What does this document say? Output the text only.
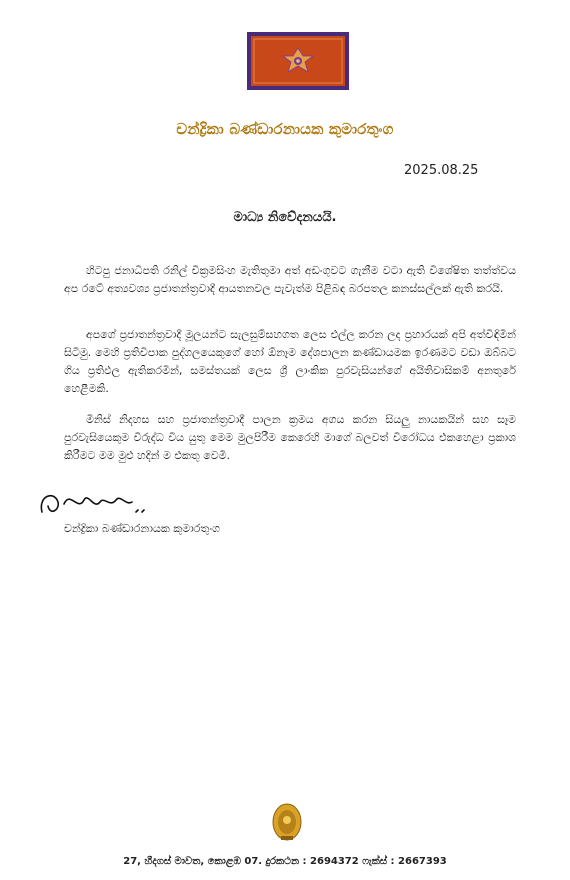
චන්ද්‍රිකා බණ්ඩාරනායක කුමාරතුංග
2025.08.25
මාධ්‍ය නිවේදනයයි.
හිටපු ජනාධිපති රනිල් වික්‍රමසිංහ මැතිතුමා අත් අඩංගුවට ගැනීම වටා ඇති විශේෂිත තත්ත්වය අප රටේ අත්‍යවශ්‍ය ප්‍රජාතන්ත්‍රවාදී ආයතනවල පැවැත්ම පිළිබඳ බරපතල කනස්සල්ලක් ඇති කරයි.
අපගේ ප්‍රජාතන්ත්‍රවාදී මූලයන්ට සැලසුම්සහගත ලෙස එල්ල කරන ලද ප්‍රහාරයක් අපි අත්විඳිමින් සිටිමු. මෙහි ප්‍රතිවිපාක පුද්ගලයෙකුගේ හෝ ඕනෑම දේශපාලන කණ්ඩායමක ඉරණමට වඩා ඔබ්බට ගිය ප්‍රතිඵල ඇතිකරමින්, සමස්තයක් ලෙස ශ්‍රී ලාංකික පුරවැසියන්ගේ අයිතිවාසිකම් අනතුරේ හෙළීමකි.
මිනිස් නිදහස සහ ප්‍රජාතන්ත්‍රවාදී පාලන ක්‍රමය අගය කරන සියලු නායකයින් සහ සෑම පුරවැසියෙකුම විරුද්ධ විය යුතු මෙම මුලපිරීම කෙරෙහි මාගේ බලවත් විරෝධය එකහෙළා ප්‍රකාශ කිරීමට මම මුළු හදින් ම එකතු වෙමි.
චන්ද්‍රිකා බණ්ඩාරනායක කුමාරතුංග
27, හීදගස් මාවත, කොළඹ 07. දුරකථන : 2694372 ෆැක්ස් : 2667393
